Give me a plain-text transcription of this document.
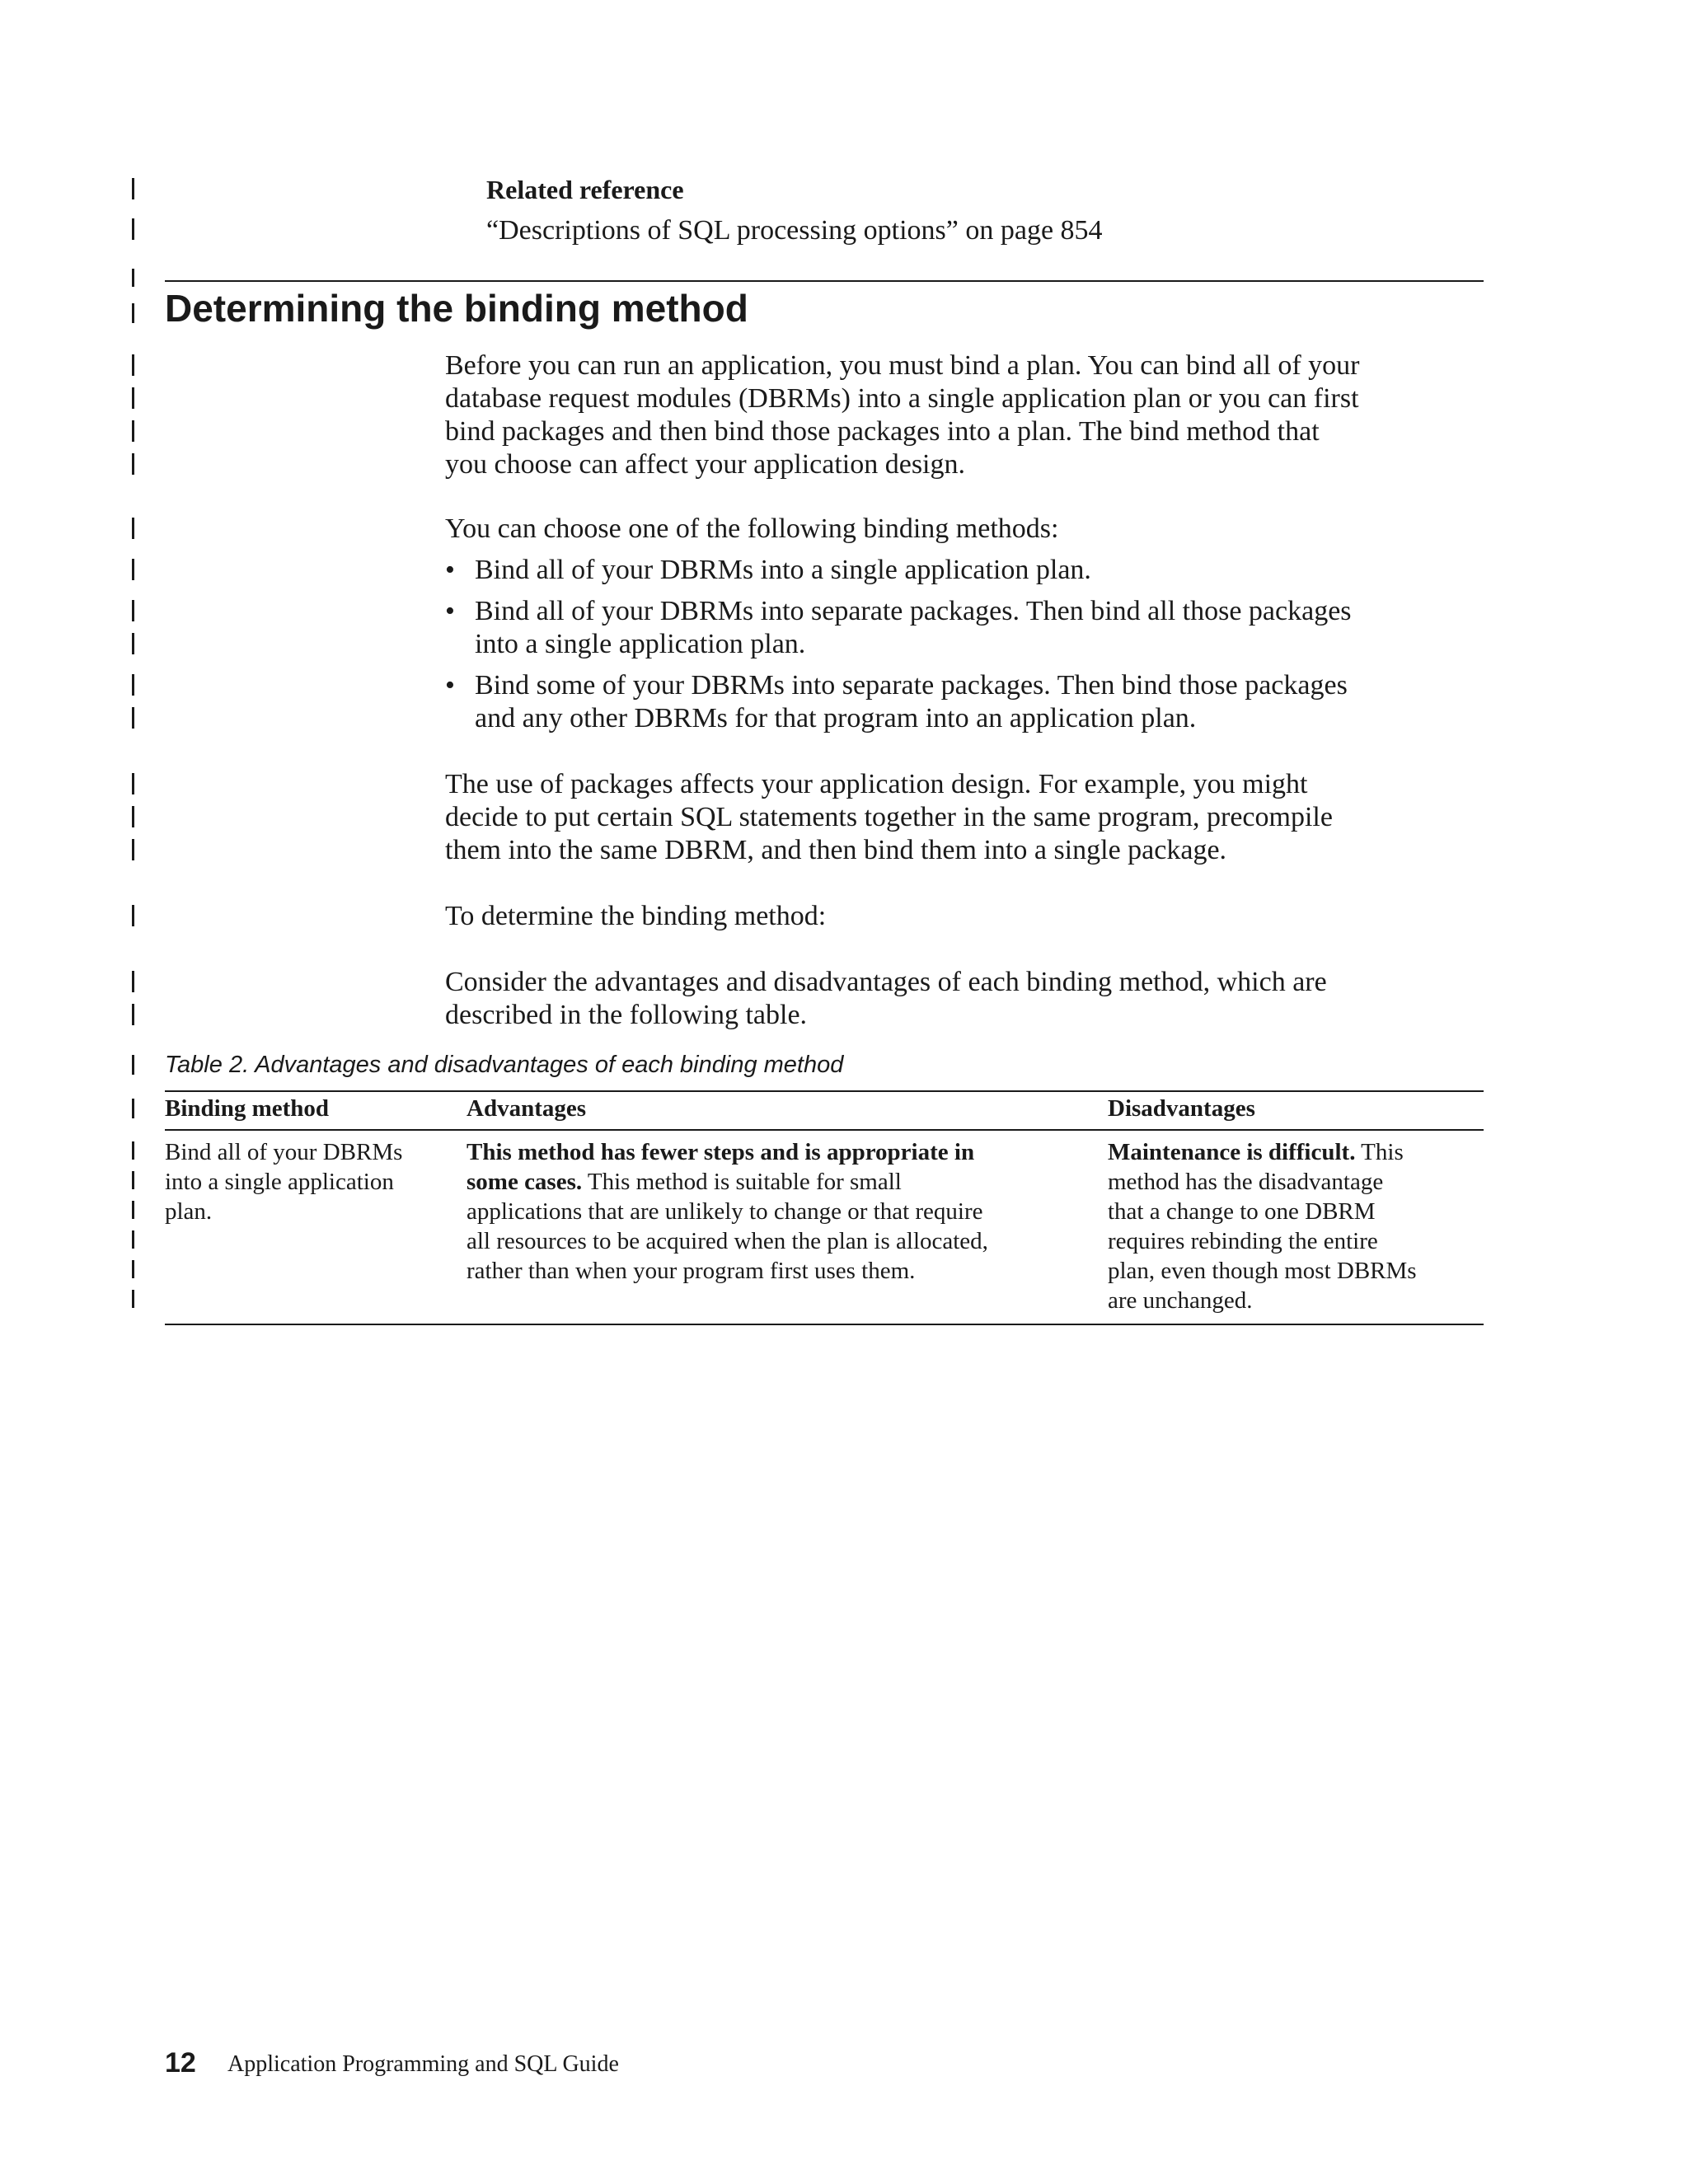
Related reference
“Descriptions of SQL processing options” on page 854
Determining the binding method
Before you can run an application, you must bind a plan. You can bind all of your
database request modules (DBRMs) into a single application plan or you can first
bind packages and then bind those packages into a plan. The bind method that
you choose can affect your application design.
You can choose one of the following binding methods:
• Bind all of your DBRMs into a single application plan.
• Bind all of your DBRMs into separate packages. Then bind all those packages
into a single application plan.
• Bind some of your DBRMs into separate packages. Then bind those packages
and any other DBRMs for that program into an application plan.
The use of packages affects your application design. For example, you might
decide to put certain SQL statements together in the same program, precompile
them into the same DBRM, and then bind them into a single package.
To determine the binding method:
Consider the advantages and disadvantages of each binding method, which are
described in the following table.
Table 2. Advantages and disadvantages of each binding method
Binding method	Advantages	Disadvantages
Bind all of your DBRMs
into a single application
plan.
This method has fewer steps and is appropriate in
some cases. This method is suitable for small
applications that are unlikely to change or that require
all resources to be acquired when the plan is allocated,
rather than when your program first uses them.
Maintenance is difficult. This
method has the disadvantage
that a change to one DBRM
requires rebinding the entire
plan, even though most DBRMs
are unchanged.
12 Application Programming and SQL Guide
